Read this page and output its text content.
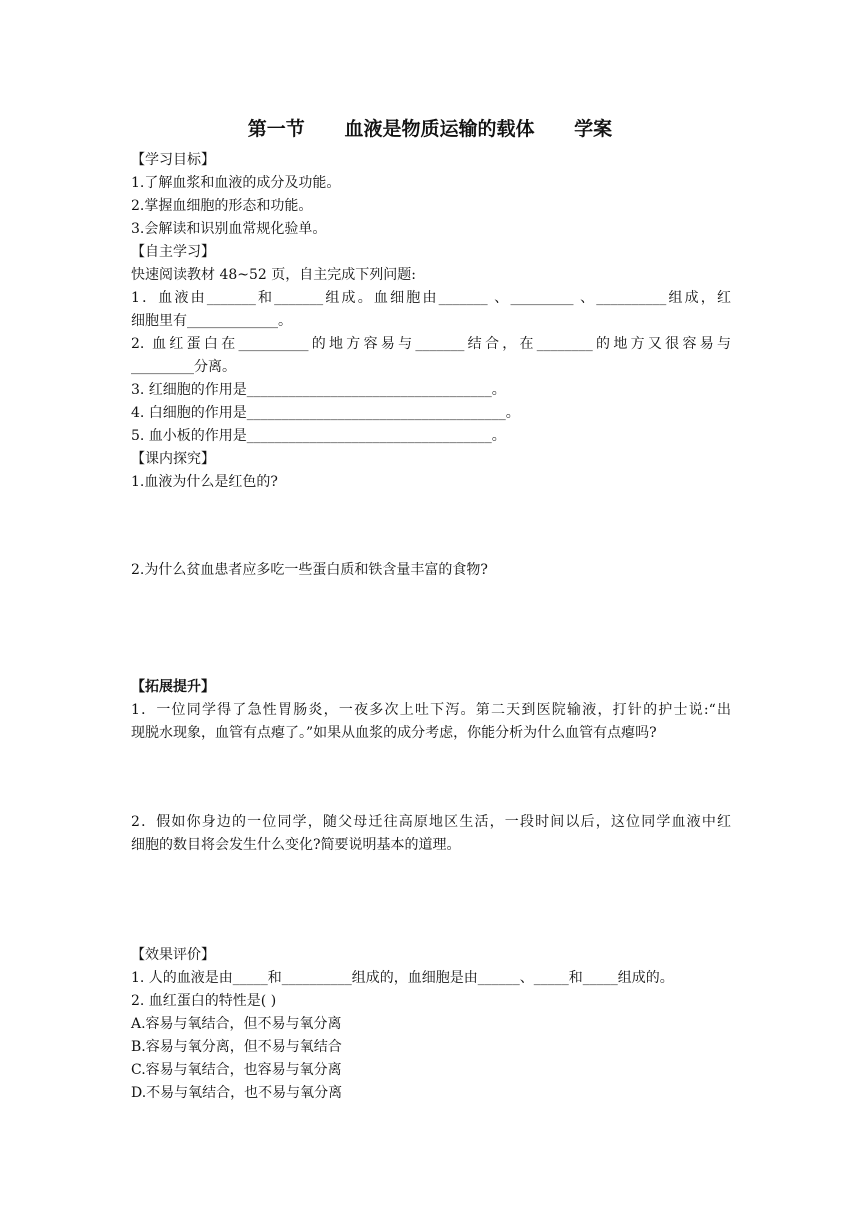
第一节      血液是物质运输的载体      学案
【学习目标】
1.了解血浆和血液的成分及功能。
2.掌握血细胞的形态和功能。
3.会解读和识别血常规化验单。
【自主学习】
快速阅读教材 48~52 页，自主完成下列问题:
1．血液由_______和_______组成。血细胞由_______ 、_________ 、__________组成，红
细胞里有_____________。
2. 血红蛋白在__________的地方容易与_______结合，在________的地方又很容易与
_________分离。
3. 红细胞的作用是___________________________________。
4. 白细胞的作用是_____________________________________。
5. 血小板的作用是___________________________________。
【课内探究】
1.血液为什么是红色的?
2.为什么贫血患者应多吃一些蛋白质和铁含量丰富的食物?
【拓展提升】
1．一位同学得了急性胃肠炎，一夜多次上吐下泻。第二天到医院输液，打针的护士说:“出
现脱水现象，血管有点瘪了。”如果从血浆的成分考虑，你能分析为什么血管有点瘪吗?
2．假如你身边的一位同学，随父母迁往高原地区生活，一段时间以后，这位同学血液中红
细胞的数目将会发生什么变化?简要说明基本的道理。
【效果评价】
1. 人的血液是由_____和__________组成的，血细胞是由______、_____和_____组成的。
2. 血红蛋白的特性是( )
A.容易与氧结合，但不易与氧分离
B.容易与氧分离，但不易与氧结合
C.容易与氧结合，也容易与氧分离
D.不易与氧结合，也不易与氧分离
